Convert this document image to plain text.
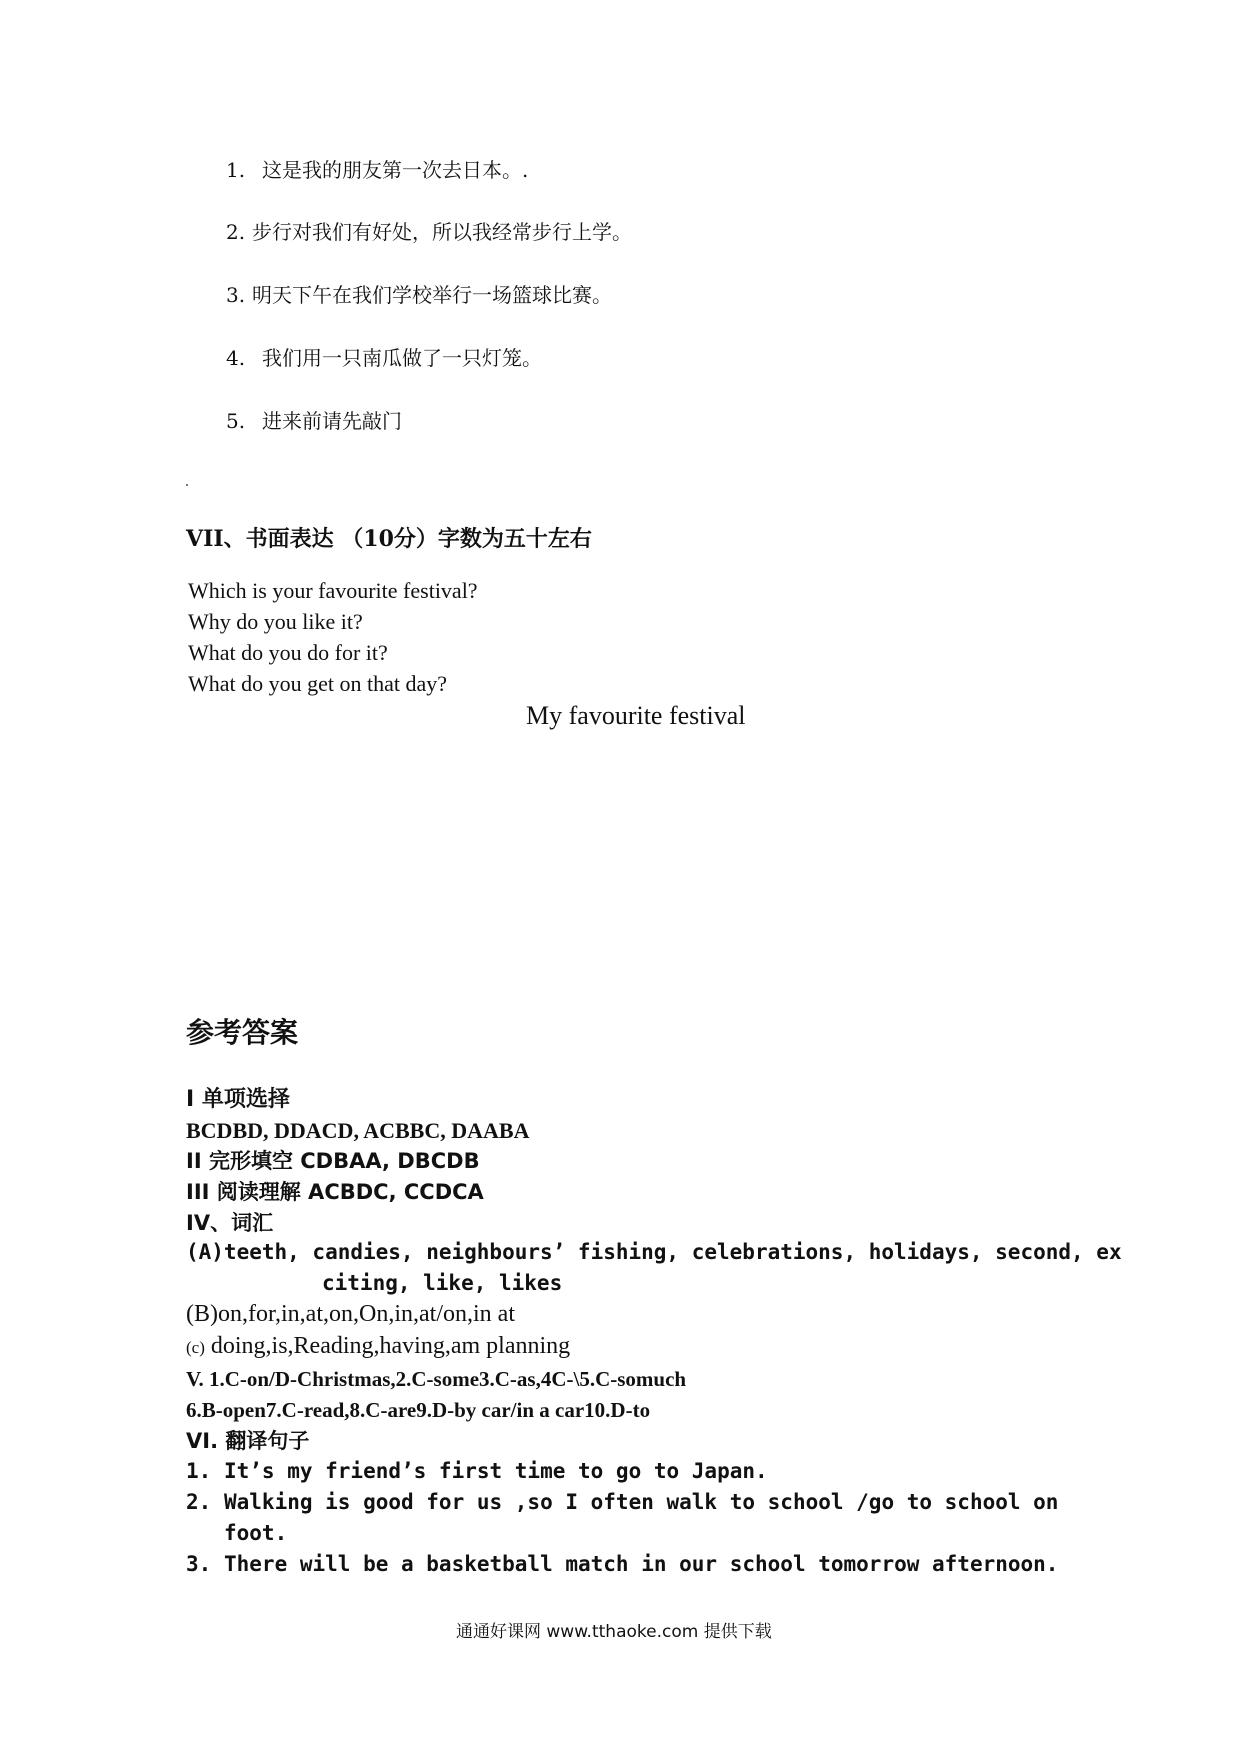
1. 这是我的朋友第一次去日本。.
2. 步行对我们有好处，所以我经常步行上学。
3. 明天下午在我们学校举行一场篮球比赛。
4. 我们用一只南瓜做了一只灯笼。
5. 进来前请先敲门
VII、书面表达 （10分）字数为五十左右
Which is your favourite festival?
Why do you like it?
What do you do for it?
What do you get on that day?
My favourite festival
参考答案
I 单项选择
BCDBD, DDACD, ACBBC, DAABA
II 完形填空 CDBAA, DBCDB
III 阅读理解 ACBDC, CCDCA
IV、词汇
(A)teeth, candies, neighbours’ fishing, celebrations, holidays, second, ex
citing, like, likes
(B)on,for,in,at,on,On,in,at/on,in at
(c) doing,is,Reading,having,am planning
V. 1.C-on/D-Christmas,2.C-some3.C-as,4C-\5.C-somuch
6.B-open7.C-read,8.C-are9.D-by car/in a car10.D-to
VI. 翻译句子
1. It’s my friend’s first time to go to Japan.
2. Walking is good for us ,so I often walk to school /go to school on
foot.
3. There will be a basketball match in our school tomorrow afternoon.
通通好课网 www.tthaoke.com 提供下载
